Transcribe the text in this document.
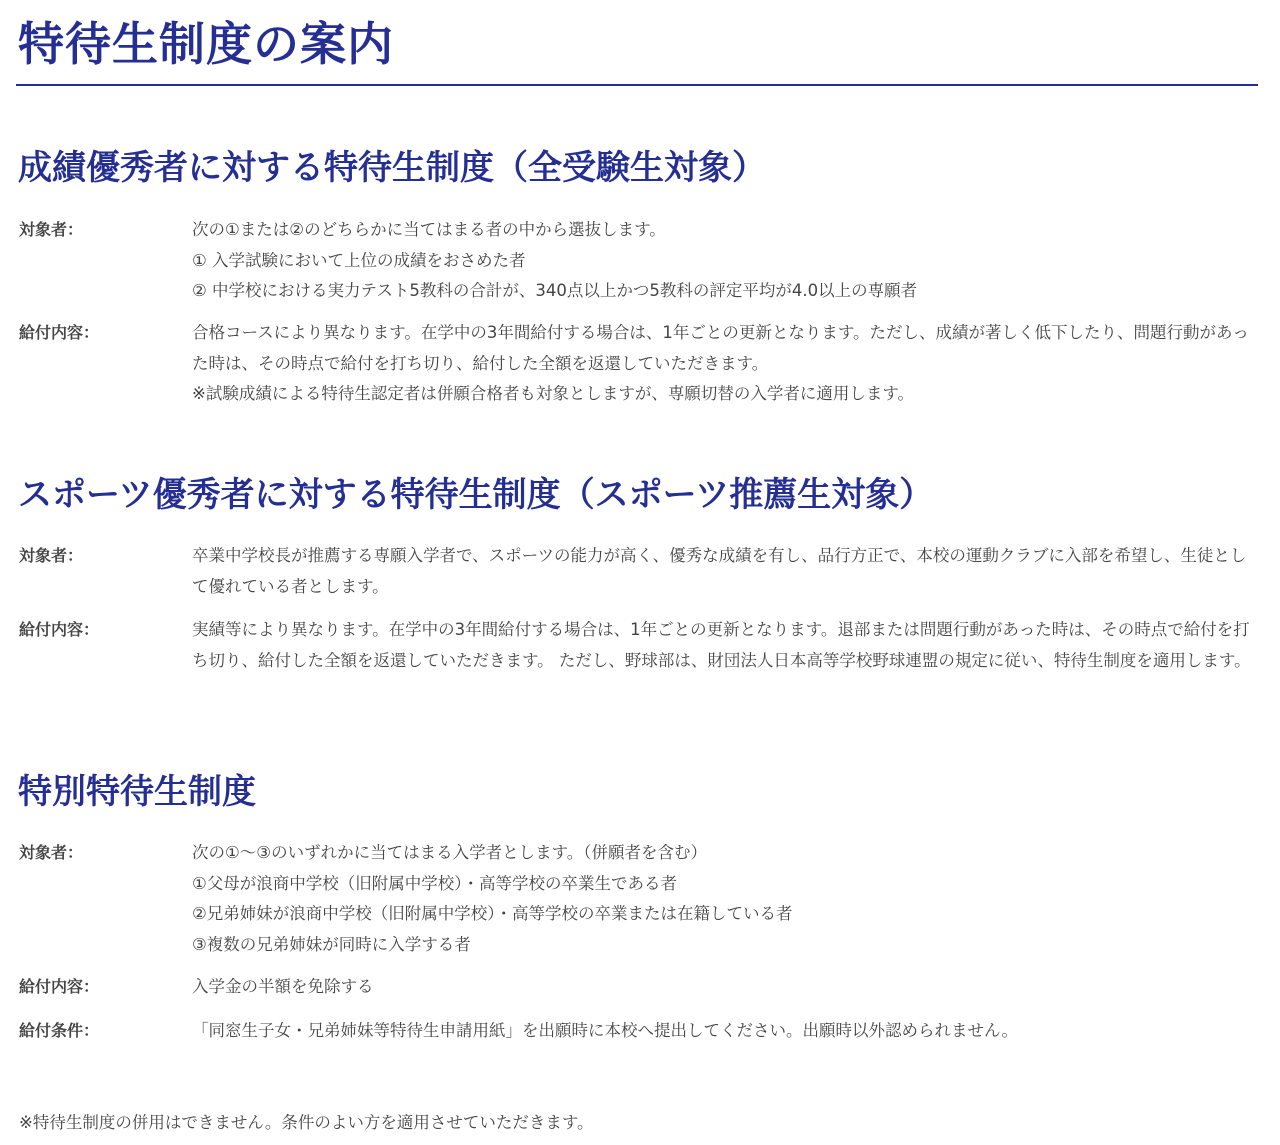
特待生制度の案内
成績優秀者に対する特待生制度（全受験生対象）
対象者：	次の①または②のどちらかに当てはまる者の中から選抜します。
① 入学試験において上位の成績をおさめた者
② 中学校における実力テスト5教科の合計が、340点以上かつ5教科の評定平均が4.0以上の専願者
給付内容：	合格コースにより異なります。在学中の3年間給付する場合は、1年ごとの更新となります。ただし、成績が著しく低下したり、問題行動があった時は、その時点で給付を打ち切り、給付した全額を返還していただきます。
※試験成績による特待生認定者は併願合格者も対象としますが、専願切替の入学者に適用します。
スポーツ優秀者に対する特待生制度（スポーツ推薦生対象）
対象者：	卒業中学校長が推薦する専願入学者で、スポーツの能力が高く、優秀な成績を有し、品行方正で、本校の運動クラブに入部を希望し、生徒として優れている者とします。
給付内容：	実績等により異なります。在学中の3年間給付する場合は、1年ごとの更新となります。退部または問題行動があった時は、その時点で給付を打ち切り、給付した全額を返還していただきます。 ただし、野球部は、財団法人日本高等学校野球連盟の規定に従い、特待生制度を適用します。
特別特待生制度
対象者：	次の①～③のいずれかに当てはまる入学者とします。（併願者を含む）
①父母が浪商中学校（旧附属中学校）・高等学校の卒業生である者
②兄弟姉妹が浪商中学校（旧附属中学校）・高等学校の卒業または在籍している者
③複数の兄弟姉妹が同時に入学する者
給付内容：	入学金の半額を免除する
給付条件：	「同窓生子女・兄弟姉妹等特待生申請用紙」を出願時に本校へ提出してください。出願時以外認められません。
※特待生制度の併用はできません。条件のよい方を適用させていただきます。
